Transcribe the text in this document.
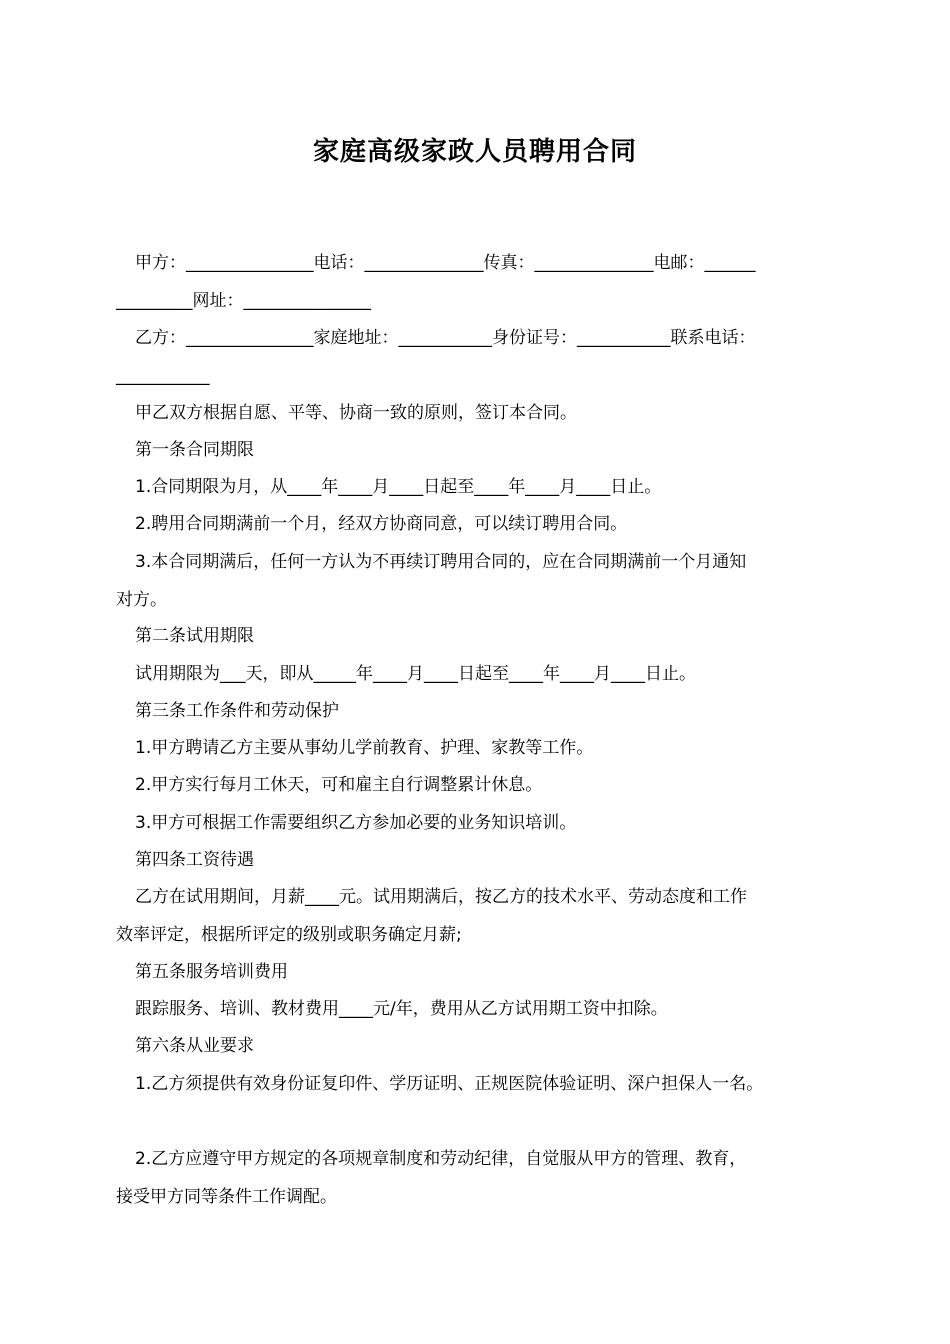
家庭高级家政人员聘用合同
甲方：_______________电话：______________传真：______________电邮：______
_________网址：_______________
乙方：_______________家庭地址：___________身份证号：___________联系电话：
___________
甲乙双方根据自愿、平等、协商一致的原则，签订本合同。
第一条合同期限
1.合同期限为月，从____年____月____日起至____年____月____日止。
2.聘用合同期满前一个月，经双方协商同意，可以续订聘用合同。
3.本合同期满后，任何一方认为不再续订聘用合同的，应在合同期满前一个月通知
对方。
第二条试用期限
试用期限为___天，即从_____年____月____日起至____年____月____日止。
第三条工作条件和劳动保护
1.甲方聘请乙方主要从事幼儿学前教育、护理、家教等工作。
2.甲方实行每月工休天，可和雇主自行调整累计休息。
3.甲方可根据工作需要组织乙方参加必要的业务知识培训。
第四条工资待遇
乙方在试用期间，月薪____元。试用期满后，按乙方的技术水平、劳动态度和工作
效率评定，根据所评定的级别或职务确定月薪;
第五条服务培训费用
跟踪服务、培训、教材费用____元/年，费用从乙方试用期工资中扣除。
第六条从业要求
1.乙方须提供有效身份证复印件、学历证明、正规医院体验证明、深户担保人一名。
2.乙方应遵守甲方规定的各项规章制度和劳动纪律，自觉服从甲方的管理、教育，
接受甲方同等条件工作调配。
